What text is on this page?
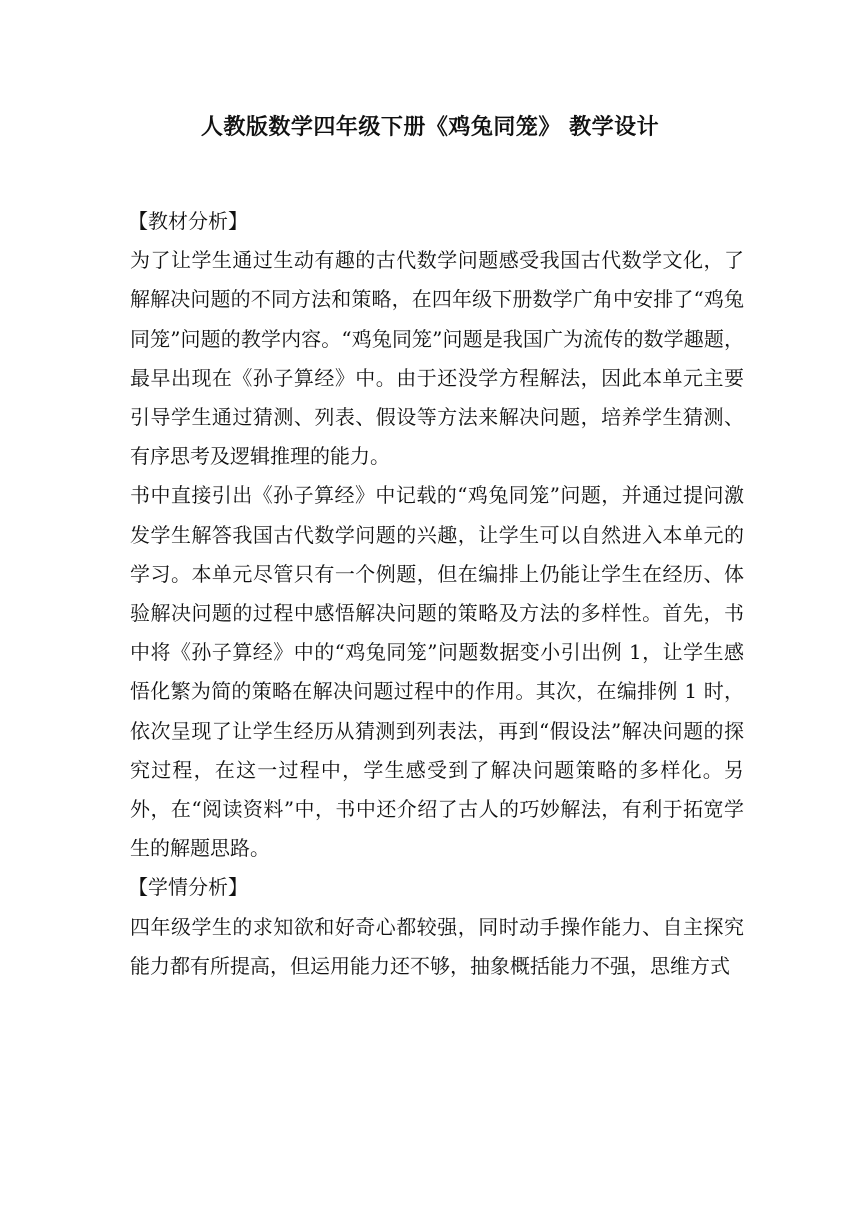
人教版数学四年级下册《鸡兔同笼》 教学设计

【教材分析】

为了让学生通过生动有趣的古代数学问题感受我国古代数学文化，了解解决问题的不同方法和策略，在四年级下册数学广角中安排了“鸡兔同笼”问题的教学内容。“鸡兔同笼”问题是我国广为流传的数学趣题，最早出现在《孙子算经》中。由于还没学方程解法，因此本单元主要引导学生通过猜测、列表、假设等方法来解决问题，培养学生猜测、有序思考及逻辑推理的能力。

书中直接引出《孙子算经》中记载的“鸡兔同笼”问题，并通过提问激发学生解答我国古代数学问题的兴趣，让学生可以自然进入本单元的学习。本单元尽管只有一个例题，但在编排上仍能让学生在经历、体验解决问题的过程中感悟解决问题的策略及方法的多样性。首先，书中将《孙子算经》中的“鸡兔同笼”问题数据变小引出例 1，让学生感悟化繁为简的策略在解决问题过程中的作用。其次，在编排例 1 时，依次呈现了让学生经历从猜测到列表法，再到“假设法”解决问题的探究过程，在这一过程中，学生感受到了解决问题策略的多样化。另外，在“阅读资料”中，书中还介绍了古人的巧妙解法，有利于拓宽学生的解题思路。

【学情分析】

四年级学生的求知欲和好奇心都较强，同时动手操作能力、自主探究能力都有所提高，但运用能力还不够，抽象概括能力不强，思维方式
